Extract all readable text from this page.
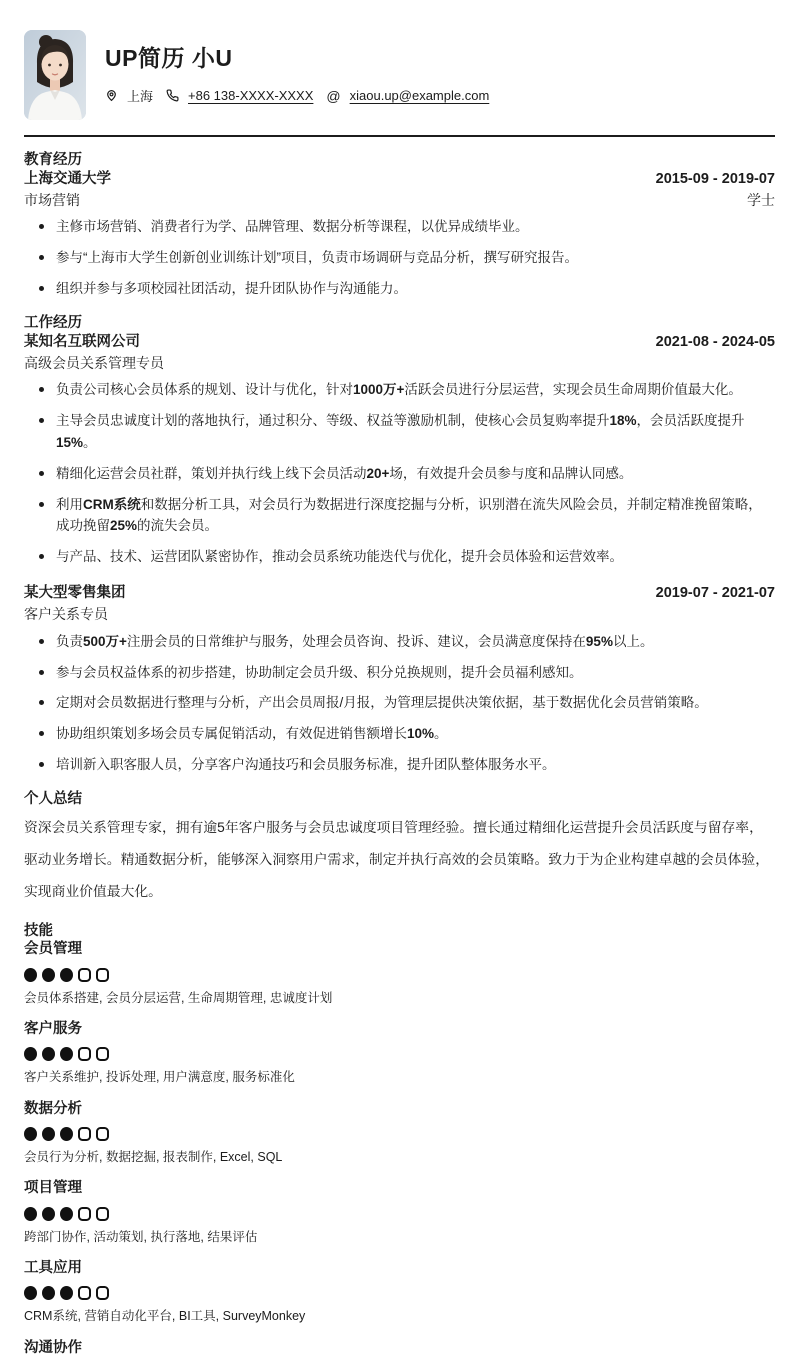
UP简历 小U
上海	+86 138-XXXX-XXXX @ xiaou.up@example.com
教育经历
上海交通大学	2015-09 - 2019-07
市场营销	学士
主修市场营销、消费者行为学、品牌管理、数据分析等课程，以优异成绩毕业。
参与“上海市大学生创新创业训练计划”项目，负责市场调研与竞品分析，撰写研究报告。
组织并参与多项校园社团活动，提升团队协作与沟通能力。
工作经历
某知名互联网公司	2021-08 - 2024-05
高级会员关系管理专员
负责公司核心会员体系的规划、设计与优化，针对1000万+活跃会员进行分层运营，实现会员生命周期价值最大化。
主导会员忠诚度计划的落地执行，通过积分、等级、权益等激励机制，使核心会员复购率提升18%，会员活跃度提升15%。
精细化运营会员社群，策划并执行线上线下会员活动20+场，有效提升会员参与度和品牌认同感。
利用CRM系统和数据分析工具，对会员行为数据进行深度挖掘与分析，识别潜在流失风险会员，并制定精准挽留策略，成功挽留25%的流失会员。
与产品、技术、运营团队紧密协作，推动会员系统功能迭代与优化，提升会员体验和运营效率。
某大型零售集团	2019-07 - 2021-07
客户关系专员
负责500万+注册会员的日常维护与服务，处理会员咨询、投诉、建议，会员满意度保持在95%以上。
参与会员权益体系的初步搭建，协助制定会员升级、积分兑换规则，提升会员福利感知。
定期对会员数据进行整理与分析，产出会员周报/月报，为管理层提供决策依据，基于数据优化会员营销策略。
协助组织策划多场会员专属促销活动，有效促进销售额增长10%。
培训新入职客服人员，分享客户沟通技巧和会员服务标准，提升团队整体服务水平。
个人总结

资深会员关系管理专家，拥有逾5年客户服务与会员忠诚度项目管理经验。擅长通过精细化运营提升会员活跃度与留存率，驱动业务增长。精通数据分析，能够深入洞察用户需求，制定并执行高效的会员策略。致力于为企业构建卓越的会员体验，实现商业价值最大化。

技能
会员管理
会员体系搭建, 会员分层运营, 生命周期管理, 忠诚度计划
客户服务
客户关系维护, 投诉处理, 用户满意度, 服务标准化
数据分析
会员行为分析, 数据挖掘, 报表制作, Excel, SQL
项目管理
跨部门协作, 活动策划, 执行落地, 结果评估
工具应用
CRM系统, 营销自动化平台, BI工具, SurveyMonkey
沟通协作
